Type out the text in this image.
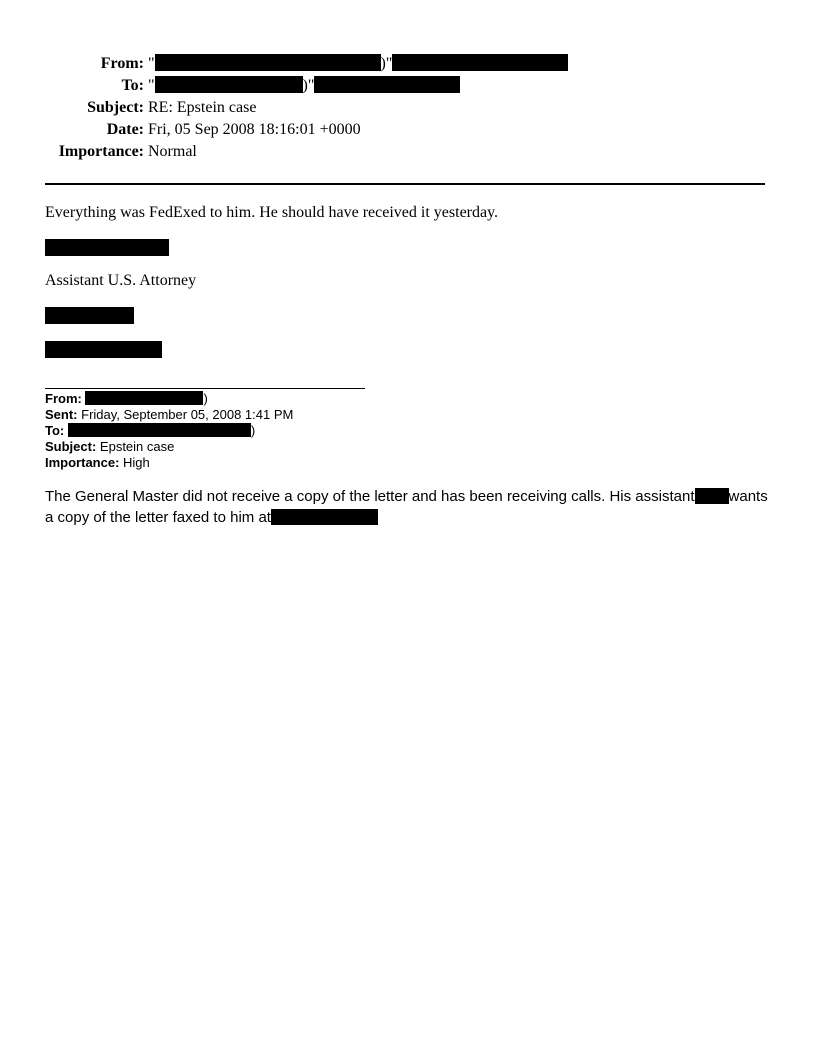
From: "	)"
To: "	)"
Subject: RE: Epstein case
Date: Fri, 05 Sep 2008 18:16:01 +0000
Importance: Normal
Everything was FedExed to him. He should have received it yesterday.
Assistant U.S. Attorney
From:	)
Sent: Friday, September 05, 2008 1:41 PM
To:	)
Subject: Epstein case
Importance: High
The General Master did not receive a copy of the letter and has been receiving calls. His assistant wants a copy of the letter faxed to him at
